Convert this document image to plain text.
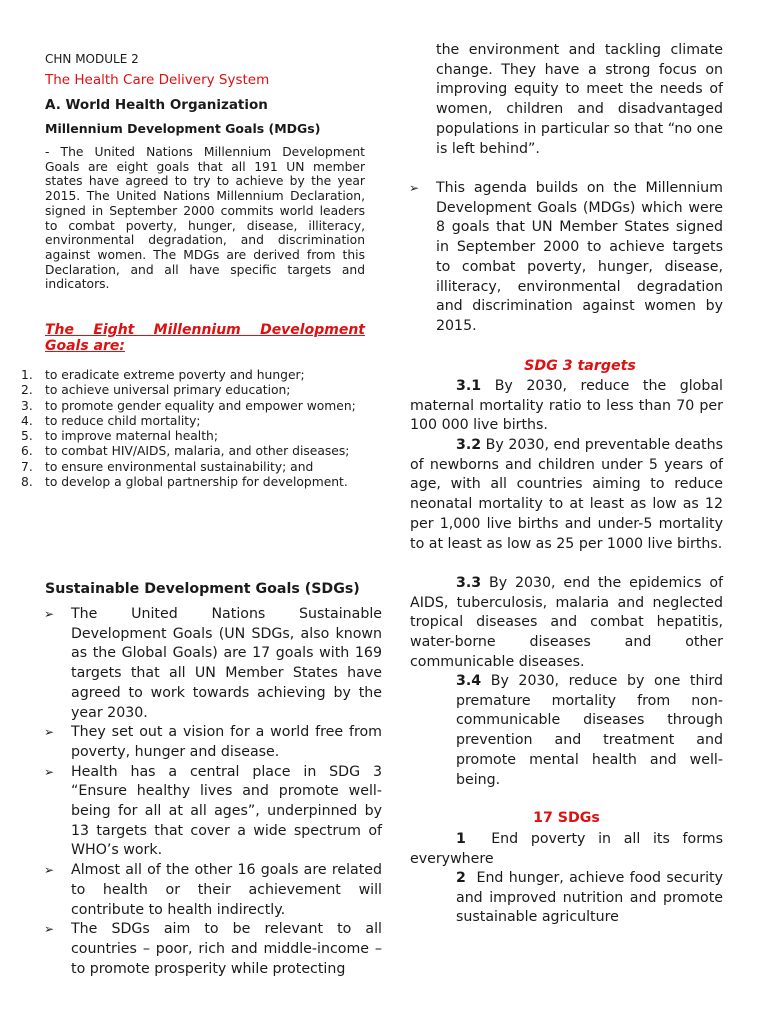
CHN MODULE 2
The Health Care Delivery System
A. World Health Organization
Millennium Development Goals (MDGs)
- The United Nations Millennium Development Goals are eight goals that all 191 UN member states have agreed to try to achieve by the year 2015. The United Nations Millennium Declaration, signed in September 2000 commits world leaders to combat poverty, hunger, disease, illiteracy, environmental degradation, and discrimination against women. The MDGs are derived from this Declaration, and all have specific targets and indicators.
The Eight Millennium Development Goals are:
1. to eradicate extreme poverty and hunger;
2. to achieve universal primary education;
3. to promote gender equality and empower women;
4. to reduce child mortality;
5. to improve maternal health;
6. to combat HIV/AIDS, malaria, and other diseases;
7. to ensure environmental sustainability; and
8. to develop a global partnership for development.
Sustainable Development Goals (SDGs)
➢ The United Nations Sustainable Development Goals (UN SDGs, also known as the Global Goals) are 17 goals with 169 targets that all UN Member States have agreed to work towards achieving by the year 2030.
➢ They set out a vision for a world free from poverty, hunger and disease.
➢ Health has a central place in SDG 3 “Ensure healthy lives and promote well-being for all at all ages”, underpinned by 13 targets that cover a wide spectrum of WHO’s work.
➢ Almost all of the other 16 goals are related to health or their achievement will contribute to health indirectly.
➢ The SDGs aim to be relevant to all countries – poor, rich and middle-income – to promote prosperity while protecting
the environment and tackling climate change. They have a strong focus on improving equity to meet the needs of women, children and disadvantaged populations in particular so that “no one is left behind”.
➢ This agenda builds on the Millennium Development Goals (MDGs) which were 8 goals that UN Member States signed in September 2000 to achieve targets to combat poverty, hunger, disease, illiteracy, environmental degradation and discrimination against women by 2015.
SDG 3 targets
3.1 By 2030, reduce the global maternal mortality ratio to less than 70 per 100 000 live births.
3.2 By 2030, end preventable deaths of newborns and children under 5 years of age, with all countries aiming to reduce neonatal mortality to at least as low as 12 per 1,000 live births and under-5 mortality to at least as low as 25 per 1000 live births.
3.3 By 2030, end the epidemics of AIDS, tuberculosis, malaria and neglected tropical diseases and combat hepatitis, water-borne diseases and other communicable diseases.
3.4 By 2030, reduce by one third premature mortality from non-communicable diseases through prevention and treatment and promote mental health and well-being.
17 SDGs
1  End poverty in all its forms everywhere
2  End hunger, achieve food security and improved nutrition and promote sustainable agriculture
